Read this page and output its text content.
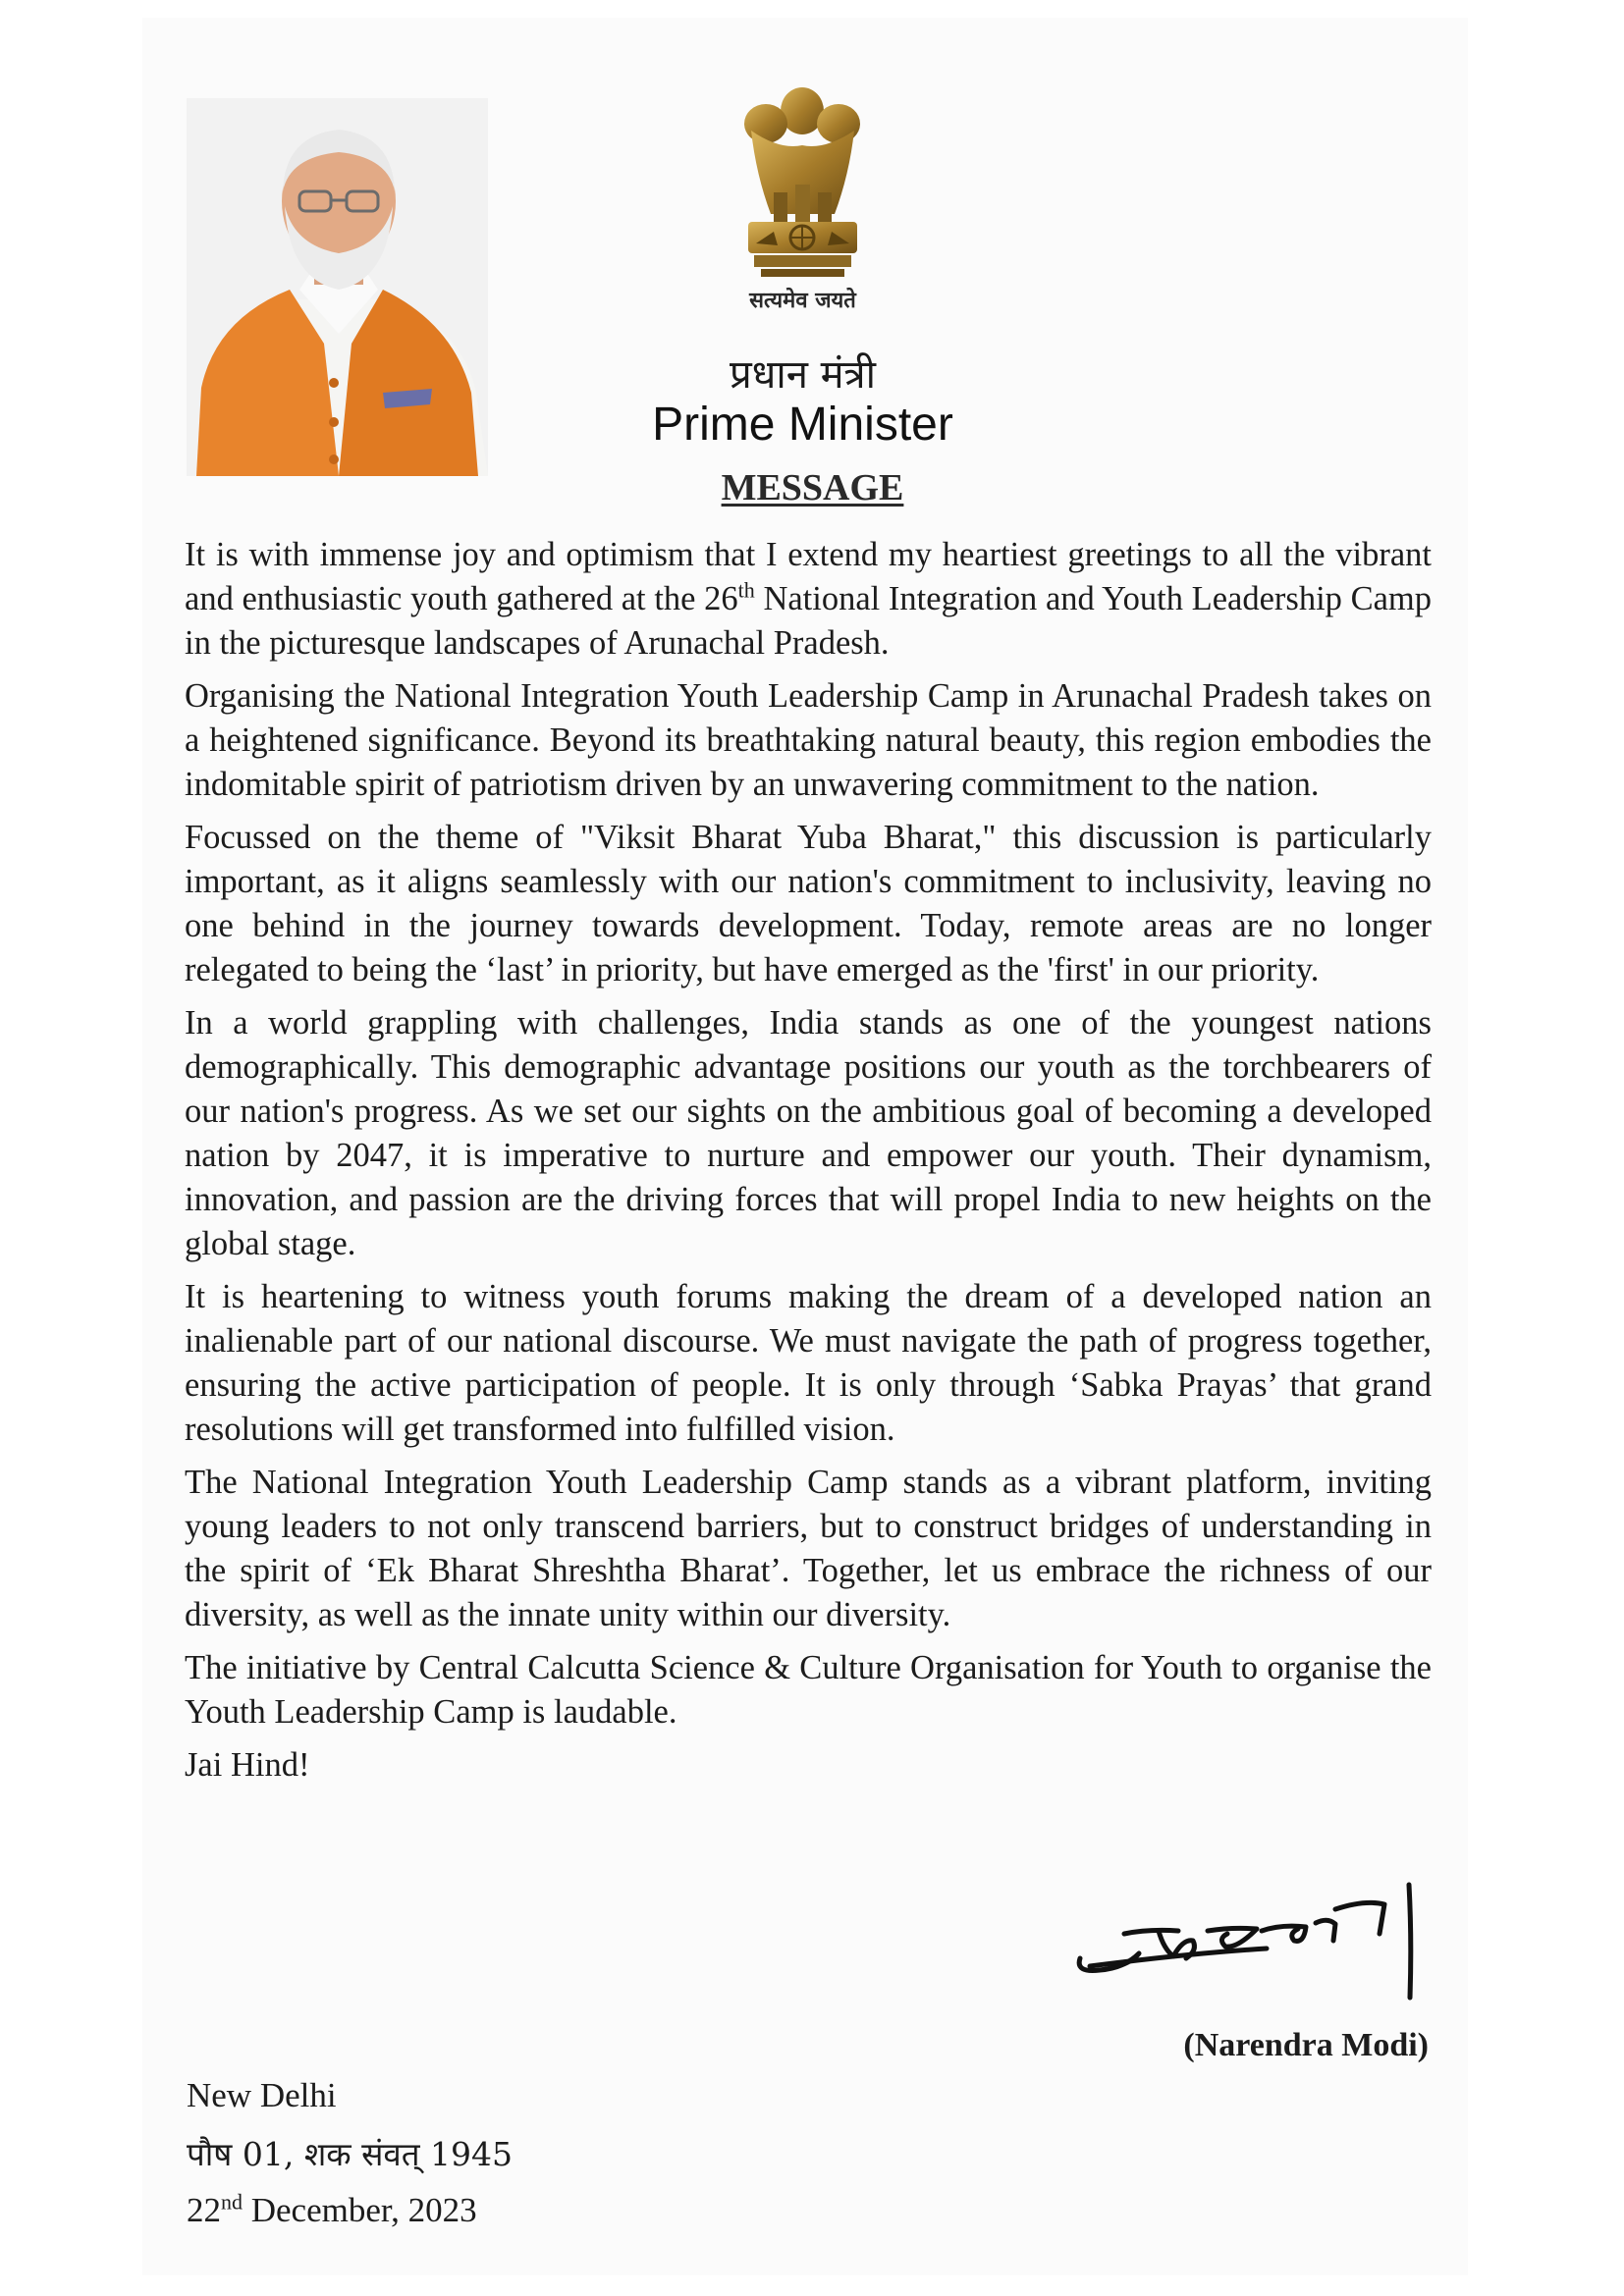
सत्यमेव जयते
प्रधान मंत्री
Prime Minister
MESSAGE

It is with immense joy and optimism that I extend my heartiest greetings to all the vibrant and enthusiastic youth gathered at the 26th National Integration and Youth Leadership Camp in the picturesque landscapes of Arunachal Pradesh.

Organising the National Integration Youth Leadership Camp in Arunachal Pradesh takes on a heightened significance. Beyond its breathtaking natural beauty, this region embodies the indomitable spirit of patriotism driven by an unwavering commitment to the nation.

Focussed on the theme of "Viksit Bharat Yuba Bharat," this discussion is particularly important, as it aligns seamlessly with our nation's commitment to inclusivity, leaving no one behind in the journey towards development. Today, remote areas are no longer relegated to being the ‘last’ in priority, but have emerged as the 'first' in our priority.

In a world grappling with challenges, India stands as one of the youngest nations demographically. This demographic advantage positions our youth as the torchbearers of our nation's progress. As we set our sights on the ambitious goal of becoming a developed nation by 2047, it is imperative to nurture and empower our youth. Their dynamism, innovation, and passion are the driving forces that will propel India to new heights on the global stage.

It is heartening to witness youth forums making the dream of a developed nation an inalienable part of our national discourse. We must navigate the path of progress together, ensuring the active participation of people. It is only through ‘Sabka Prayas’ that grand resolutions will get transformed into fulfilled vision.

The National Integration Youth Leadership Camp stands as a vibrant platform, inviting young leaders to not only transcend barriers, but to construct bridges of understanding in the spirit of ‘Ek Bharat Shreshtha Bharat’. Together, let us embrace the richness of our diversity, as well as the innate unity within our diversity.

The initiative by Central Calcutta Science & Culture Organisation for Youth to organise the Youth Leadership Camp is laudable.

Jai Hind!

(Narendra Modi)
New Delhi
पौष 01, शक संवत् 1945
22nd December, 2023
